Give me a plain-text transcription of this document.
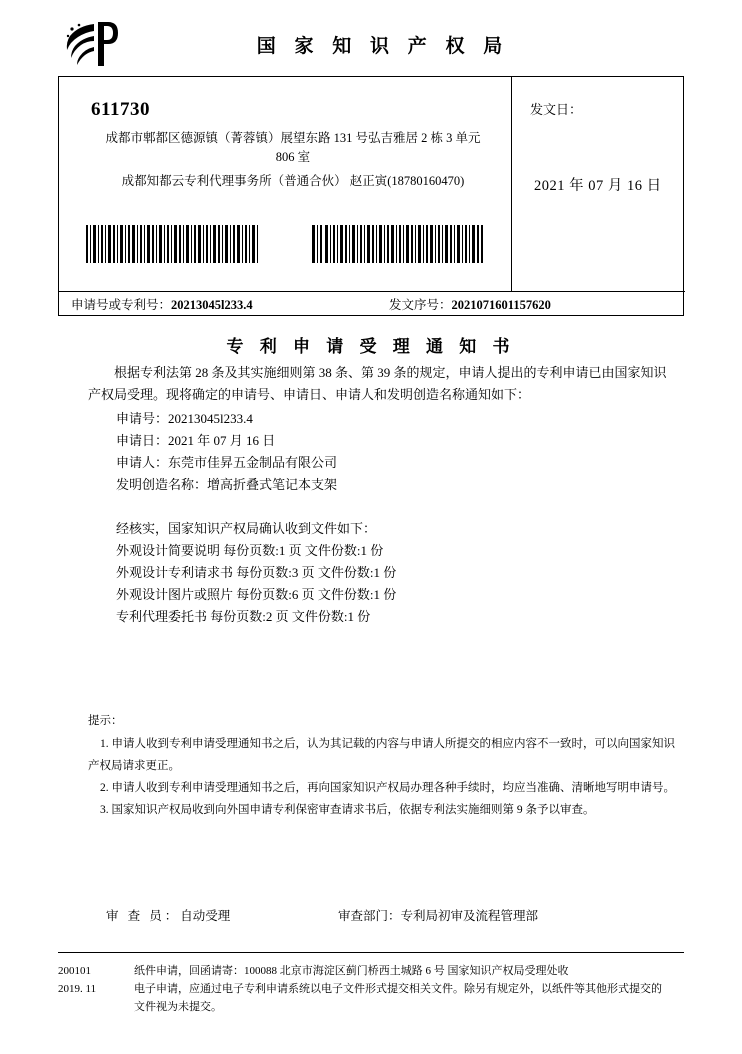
国 家 知 识 产 权 局
611730
成都市郫都区德源镇（菁蓉镇）展望东路 131 号弘吉雅居 2 栋 3 单元
806 室
成都知都云专利代理事务所（普通合伙） 赵正寅(18780160470)
发文日：
2021 年 07 月 16 日
申请号或专利号：20213045l233.4	发文序号：2021071601157620
专 利 申 请 受 理 通 知 书
根据专利法第 28 条及其实施细则第 38 条、第 39 条的规定，申请人提出的专利申请已由国家知识产权局受理。现将确定的申请号、申请日、申请人和发明创造名称通知如下：
申请号：20213045l233.4
申请日：2021 年 07 月 16 日
申请人：东莞市佳昇五金制品有限公司
发明创造名称：增高折叠式笔记本支架
经核实，国家知识产权局确认收到文件如下：
外观设计简要说明 每份页数:1 页 文件份数:1 份
外观设计专利请求书 每份页数:3 页 文件份数:1 份
外观设计图片或照片 每份页数:6 页 文件份数:1 份
专利代理委托书 每份页数:2 页 文件份数:1 份
提示：
1. 申请人收到专利申请受理通知书之后，认为其记载的内容与申请人所提交的相应内容不一致时，可以向国家知识产权局请求更正。
2. 申请人收到专利申请受理通知书之后，再向国家知识产权局办理各种手续时，均应当准确、清晰地写明申请号。
3. 国家知识产权局收到向外国申请专利保密审查请求书后，依据专利法实施细则第 9 条予以审查。
审 查 员：自动受理	审查部门：专利局初审及流程管理部
200101
2019. 11
纸件申请，回函请寄：100088 北京市海淀区蓟门桥西土城路 6 号 国家知识产权局受理处收
电子申请，应通过电子专利申请系统以电子文件形式提交相关文件。除另有规定外，以纸件等其他形式提交的
文件视为未提交。
